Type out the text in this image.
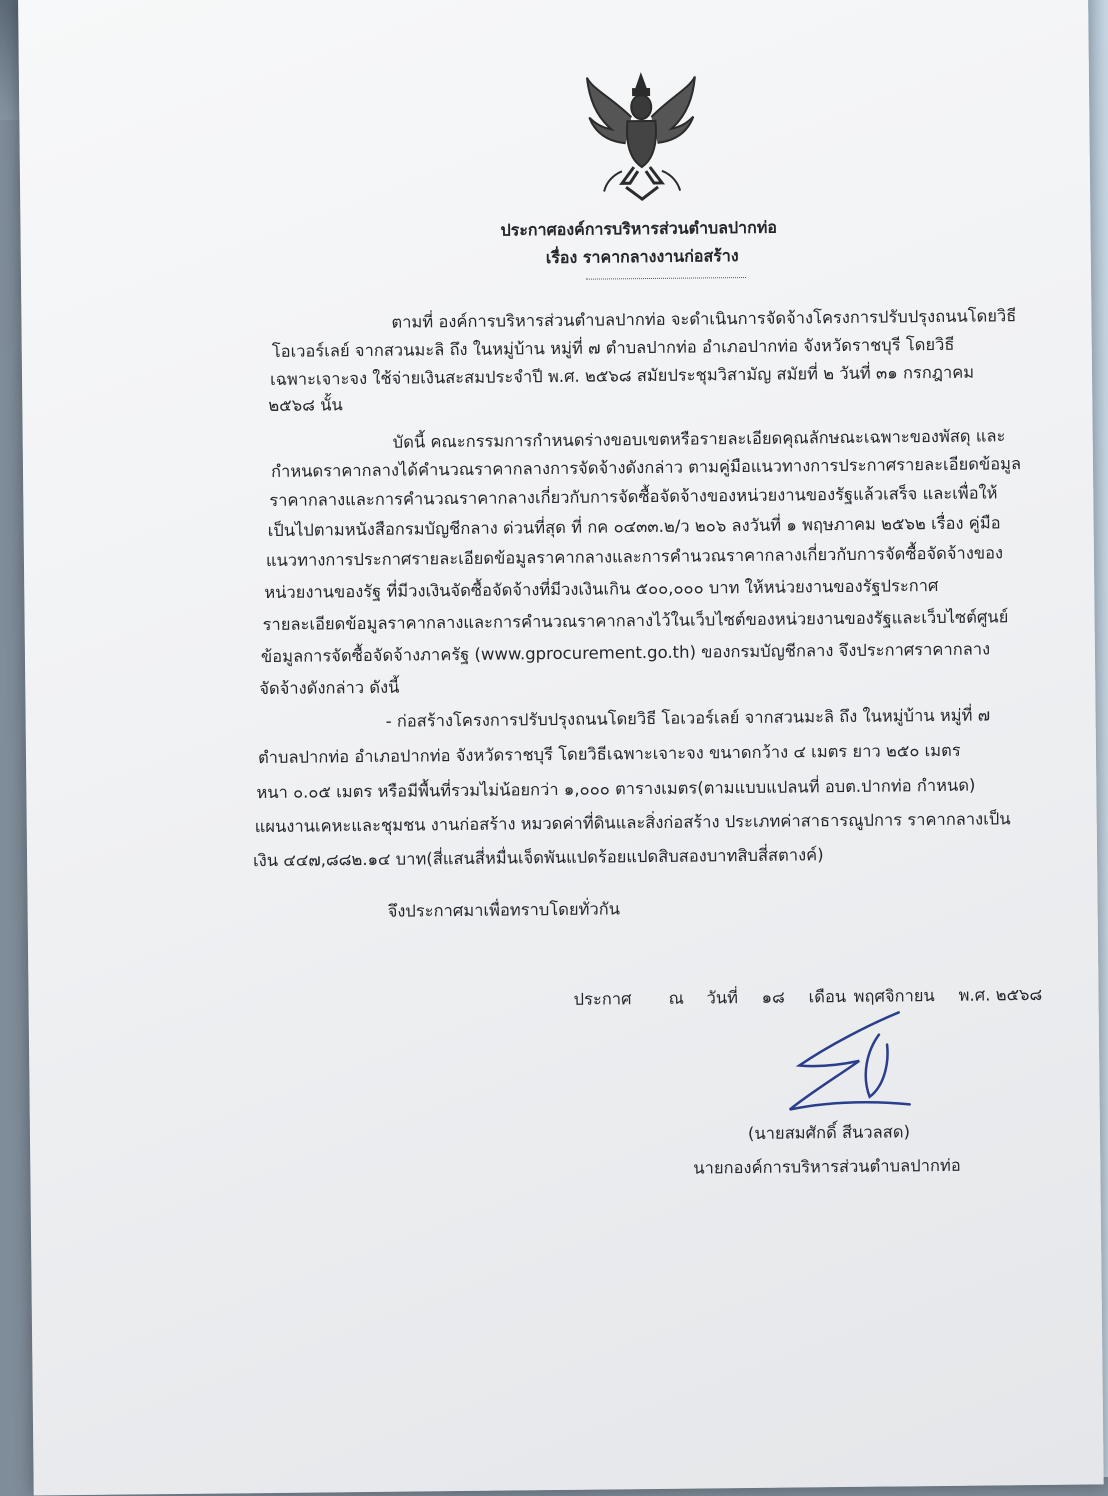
ประกาศองค์การบริหารส่วนตำบลปากท่อ
เรื่อง ราคากลางงานก่อสร้าง
ตามที่ องค์การบริหารส่วนตำบลปากท่อ จะดำเนินการจัดจ้างโครงการปรับปรุงถนนโดยวิธี
โอเวอร์เลย์ จากสวนมะลิ ถึง ในหมู่บ้าน หมู่ที่ ๗ ตำบลปากท่อ อำเภอปากท่อ จังหวัดราชบุรี โดยวิธี
เฉพาะเจาะจง ใช้จ่ายเงินสะสมประจำปี พ.ศ. ๒๕๖๘ สมัยประชุมวิสามัญ สมัยที่ ๒ วันที่ ๓๑ กรกฎาคม
๒๕๖๘ นั้น
บัดนี้ คณะกรรมการกำหนดร่างขอบเขตหรือรายละเอียดคุณลักษณะเฉพาะของพัสดุ และ
กำหนดราคากลางได้คำนวณราคากลางการจัดจ้างดังกล่าว ตามคู่มือแนวทางการประกาศรายละเอียดข้อมูล
ราคากลางและการคำนวณราคากลางเกี่ยวกับการจัดซื้อจัดจ้างของหน่วยงานของรัฐแล้วเสร็จ และเพื่อให้
เป็นไปตามหนังสือกรมบัญชีกลาง ด่วนที่สุด ที่ กค ๐๔๓๓.๒/ว ๒๐๖ ลงวันที่ ๑ พฤษภาคม ๒๕๖๒ เรื่อง คู่มือ
แนวทางการประกาศรายละเอียดข้อมูลราคากลางและการคำนวณราคากลางเกี่ยวกับการจัดซื้อจัดจ้างของ
หน่วยงานของรัฐ ที่มีวงเงินจัดซื้อจัดจ้างที่มีวงเงินเกิน ๕๐๐,๐๐๐ บาท ให้หน่วยงานของรัฐประกาศ
รายละเอียดข้อมูลราคากลางและการคำนวณราคากลางไว้ในเว็บไซต์ของหน่วยงานของรัฐและเว็บไซต์ศูนย์
ข้อมูลการจัดซื้อจัดจ้างภาครัฐ (www.gprocurement.go.th) ของกรมบัญชีกลาง จึงประกาศราคากลาง
จัดจ้างดังกล่าว ดังนี้
- ก่อสร้างโครงการปรับปรุงถนนโดยวิธี โอเวอร์เลย์ จากสวนมะลิ ถึง ในหมู่บ้าน หมู่ที่ ๗
ตำบลปากท่อ อำเภอปากท่อ จังหวัดราชบุรี โดยวิธีเฉพาะเจาะจง ขนาดกว้าง ๔ เมตร ยาว ๒๕๐ เมตร
หนา ๐.๐๕ เมตร หรือมีพื้นที่รวมไม่น้อยกว่า ๑,๐๐๐ ตารางเมตร(ตามแบบแปลนที่ อบต.ปากท่อ กำหนด)
แผนงานเคหะและชุมชน งานก่อสร้าง หมวดค่าที่ดินและสิ่งก่อสร้าง ประเภทค่าสาธารณูปการ ราคากลางเป็น
เงิน ๔๔๗,๘๘๒.๑๔ บาท(สี่แสนสี่หมื่นเจ็ดพันแปดร้อยแปดสิบสองบาทสิบสี่สตางค์)
จึงประกาศมาเพื่อทราบโดยทั่วกัน
ประกาศ ณ วันที่ ๑๘ เดือน พฤศจิกายน พ.ศ. ๒๕๖๘
(นายสมศักดิ์ สีนวลสด)
นายกองค์การบริหารส่วนตำบลปากท่อ
